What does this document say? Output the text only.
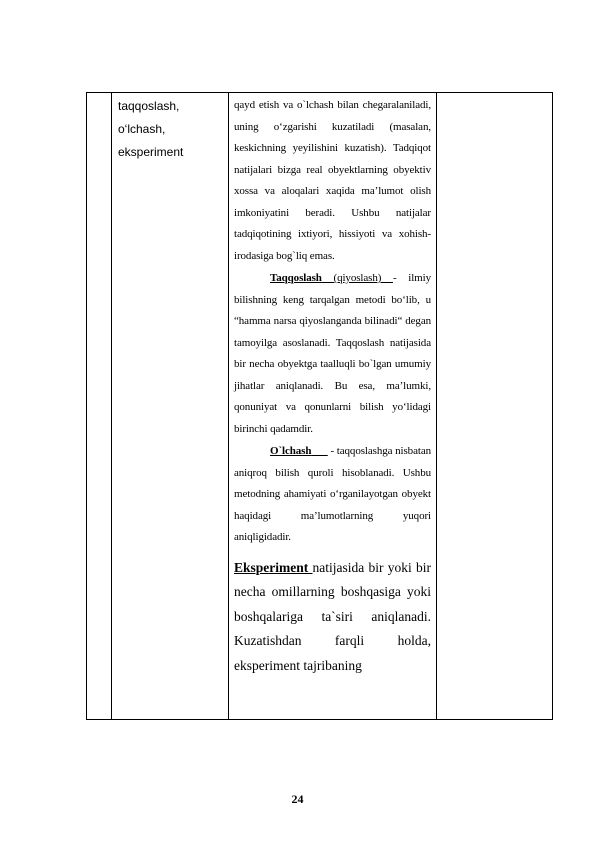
taqqoslash,
o‘lchash,
eksperiment

qayd etish va o`lchash bilan chegaralaniladi, uning o‘zgarishi kuzatiladi (masalan, keskichning yeyilishini kuzatish). Tadqiqot natijalari bizga real obyektlarning obyektiv xossa va aloqalari xaqida ma’lumot olish imkoniyatini beradi. Ushbu natijalar tadqiqotining ixtiyori, hissiyoti va xohish-irodasiga bog`liq emas.

Taqqoslash (qiyoslash) - ilmiy bilishning keng tarqalgan metodi bo‘lib, u “hamma narsa qiyoslanganda bilinadi“ degan tamoyilga asoslanadi. Taqqoslash natijasida bir necha obyektga taalluqli bo`lgan umumiy jihatlar aniqlanadi. Bu esa, ma’lumki, qonuniyat va qonunlarni bilish yo‘lidagi birinchi qadamdir.

O`lchash       - taqqoslashga nisbatan aniqroq bilish quroli hisoblanadi. Ushbu metodning ahamiyati o‘rganilayotgan obyekt haqidagi ma’lumotlarning yuqori aniqligidadir.

Eksperiment natijasida bir yoki bir necha omillarning boshqasiga yoki boshqalariga ta`siri aniqlanadi. Kuzatishdan farqli holda, eksperiment tajribaning

24
